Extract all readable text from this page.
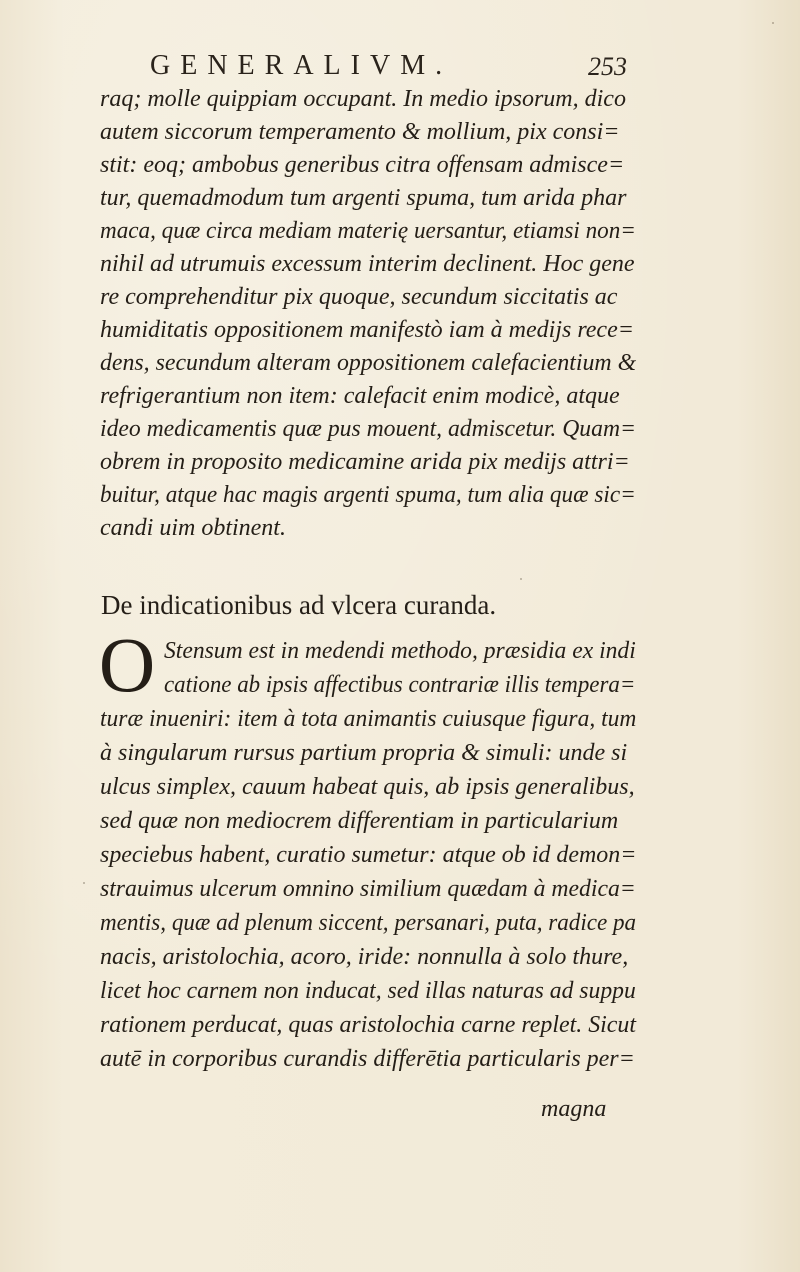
GENERALIVM.	253
raq; molle quippiam occupant. In medio ipsorum, dico
autem siccorum temperamento & mollium, pix consi=
stit: eoq; ambobus generibus citra offensam admisce=
tur, quemadmodum tum argenti spuma, tum arida phar
maca, quæ circa mediam materię uersantur, etiamsi non=
nihil ad utrumuis excessum interim declinent. Hoc gene
re comprehenditur pix quoque, secundum siccitatis ac
humiditatis oppositionem manifestò iam à medijs rece=
dens, secundum alteram oppositionem calefacientium &
refrigerantium non item: calefacit enim modicè, atque
ideo medicamentis quæ pus mouent, admiscetur. Quam=
obrem in proposito medicamine arida pix medijs attri=
buitur, atque hac magis argenti spuma, tum alia quæ sic=
candi uim obtinent.
De indicationibus ad vlcera curanda.
O Stensum est in medendi methodo, præsidia ex indi
catione ab ipsis affectibus contrariæ illis tempera=
turæ inueniri: item à tota animantis cuiusque figura, tum
à singularum rursus partium propria & simuli: unde si
ulcus simplex, cauum habeat quis, ab ipsis generalibus,
sed quæ non mediocrem differentiam in particularium
speciebus habent, curatio sumetur: atque ob id demon=
strauimus ulcerum omnino similium quædam à medica=
mentis, quæ ad plenum siccent, persanari, puta, radice pa
nacis, aristolochia, acoro, iride: nonnulla à solo thure,
licet hoc carnem non inducat, sed illas naturas ad suppu
rationem perducat, quas aristolochia carne replet. Sicut
autē in corporibus curandis differētia particularis per=
magna
